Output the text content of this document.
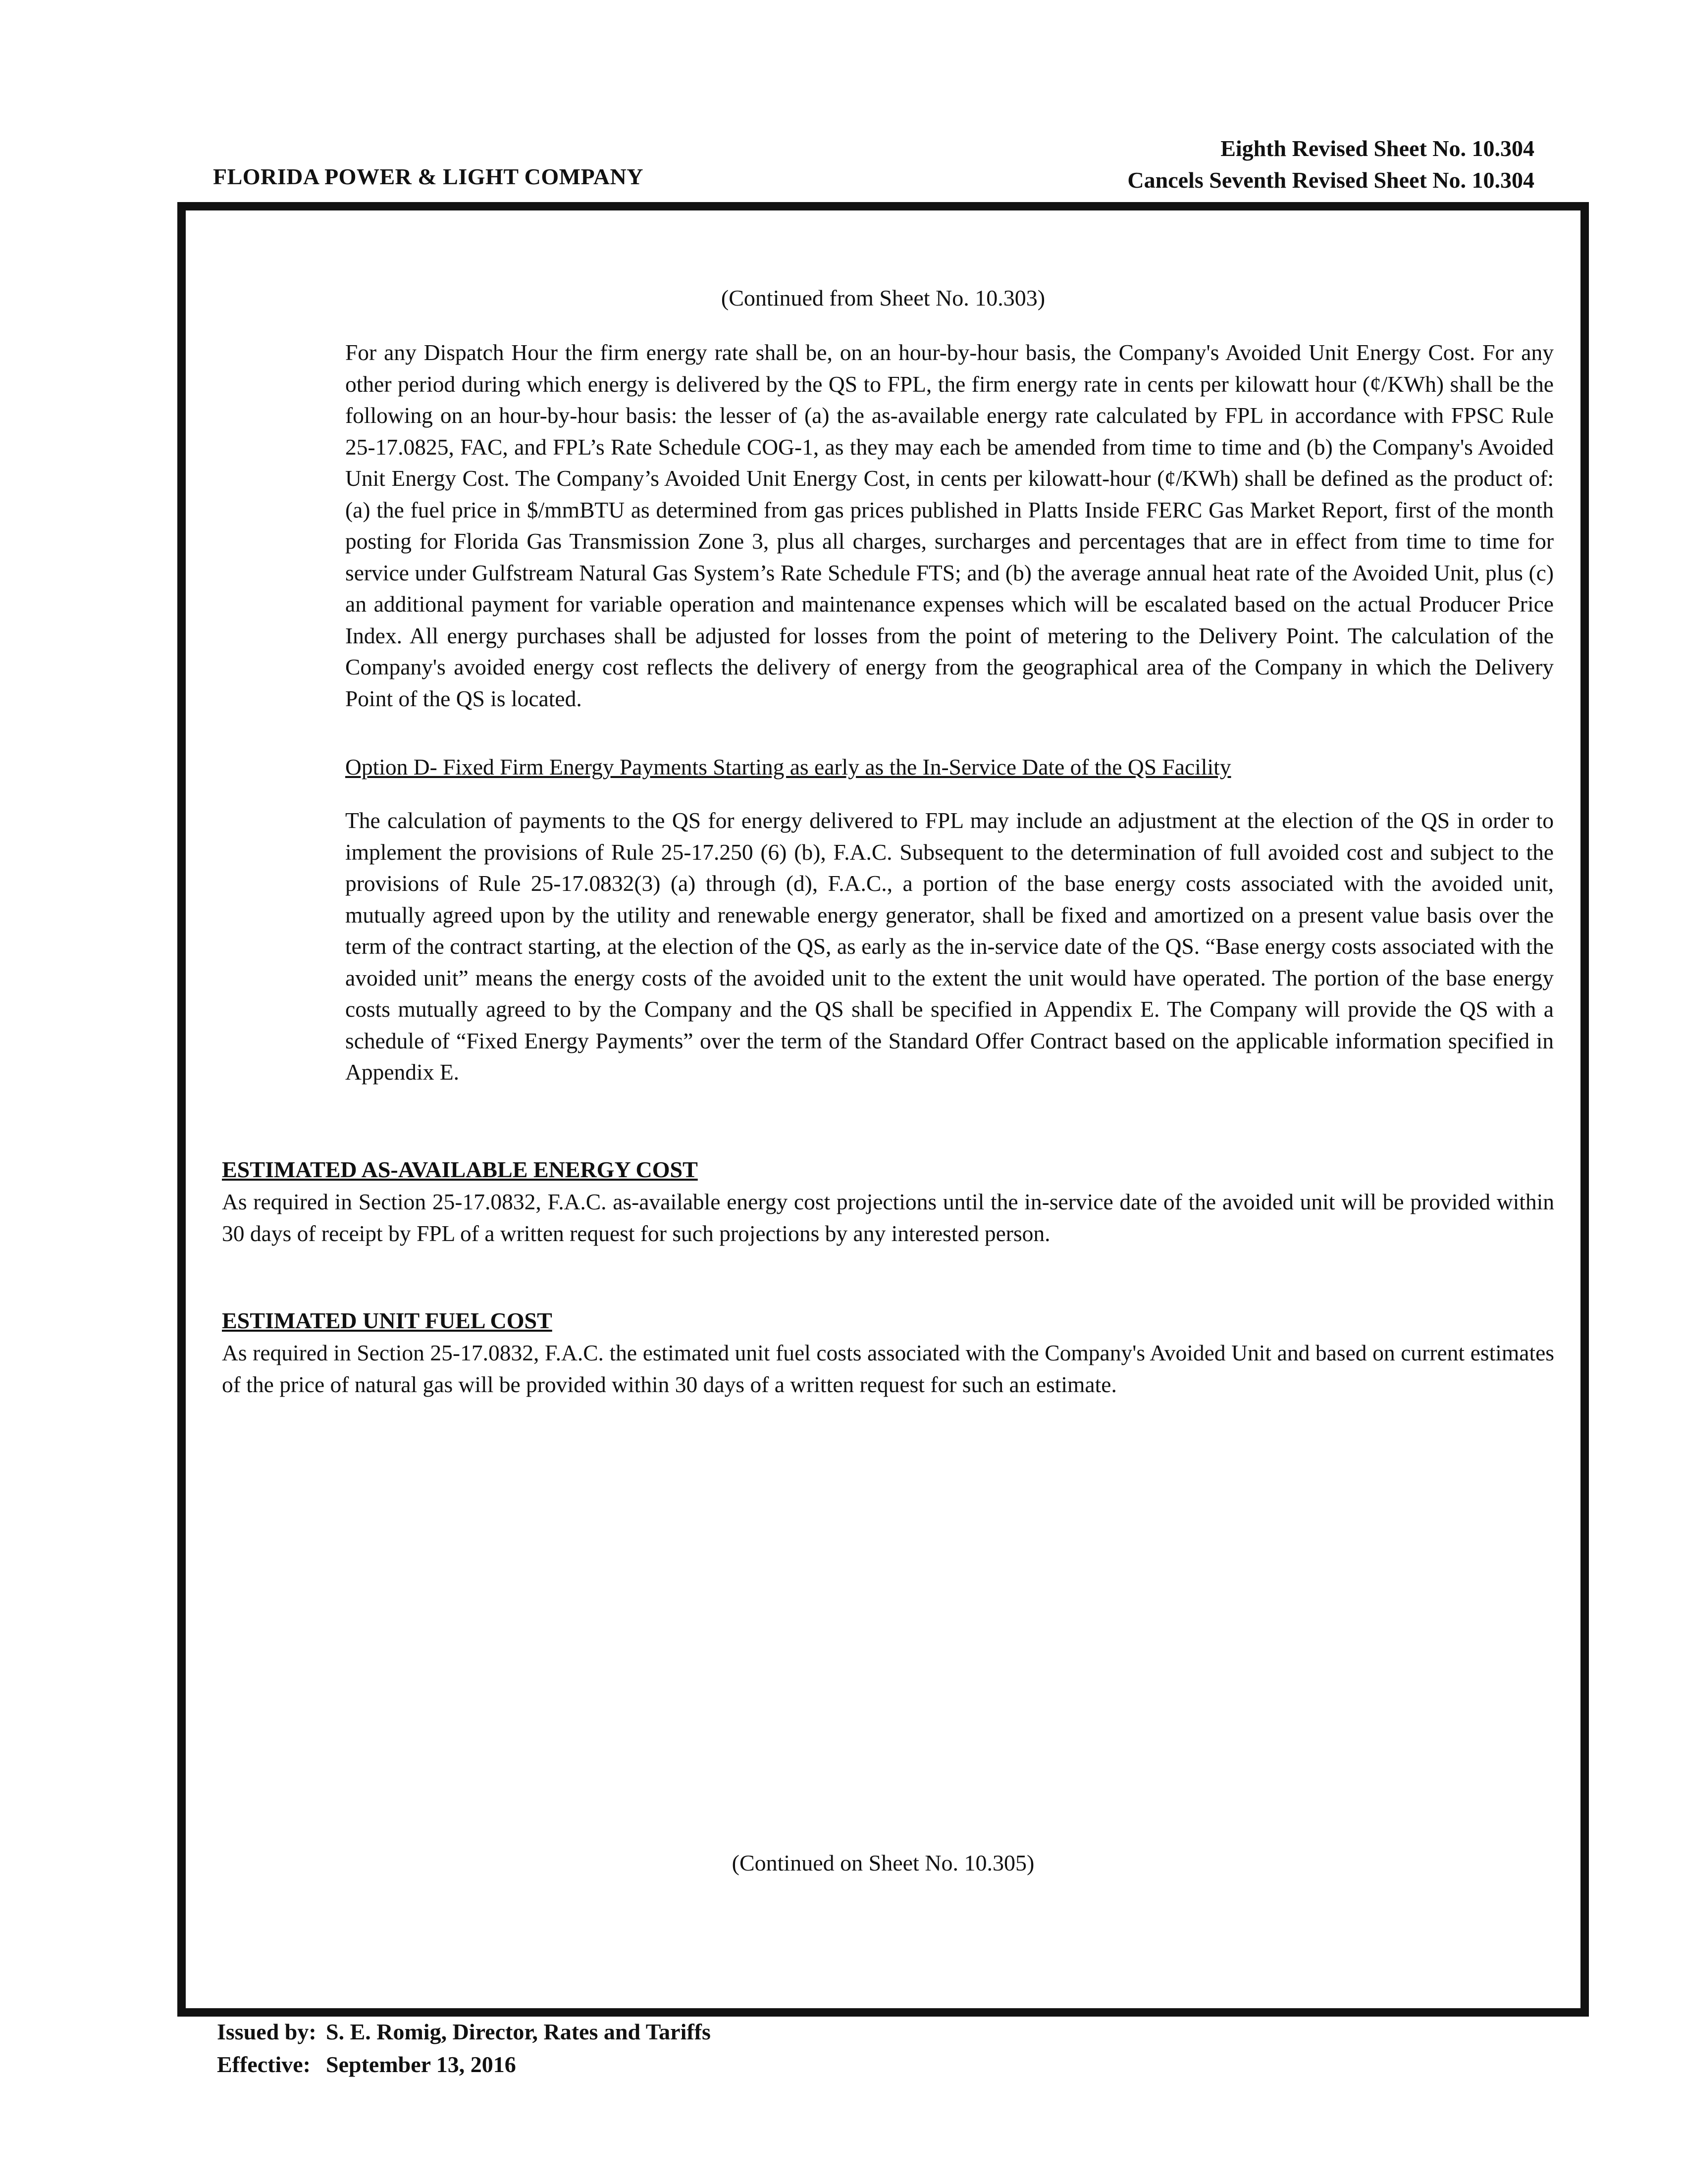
FLORIDA POWER & LIGHT COMPANY
Eighth Revised Sheet No. 10.304
Cancels Seventh Revised Sheet No. 10.304
(Continued from Sheet No. 10.303)

For any Dispatch Hour the firm energy rate shall be, on an hour-by-hour basis, the Company's Avoided Unit Energy Cost. For any other period during which energy is delivered by the QS to FPL, the firm energy rate in cents per kilowatt hour (¢/KWh) shall be the following on an hour-by-hour basis: the lesser of (a) the as-available energy rate calculated by FPL in accordance with FPSC Rule 25-17.0825, FAC, and FPL’s Rate Schedule COG-1, as they may each be amended from time to time and (b) the Company's Avoided Unit Energy Cost. The Company’s Avoided Unit Energy Cost, in cents per kilowatt-hour (¢/KWh) shall be defined as the product of: (a) the fuel price in $/mmBTU as determined from gas prices published in Platts Inside FERC Gas Market Report, first of the month posting for Florida Gas Transmission Zone 3, plus all charges, surcharges and percentages that are in effect from time to time for service under Gulfstream Natural Gas System’s Rate Schedule FTS; and (b) the average annual heat rate of the Avoided Unit, plus (c) an additional payment for variable operation and maintenance expenses which will be escalated based on the actual Producer Price Index. All energy purchases shall be adjusted for losses from the point of metering to the Delivery Point. The calculation of the Company's avoided energy cost reflects the delivery of energy from the geographical area of the Company in which the Delivery Point of the QS is located.

Option D- Fixed Firm Energy Payments Starting as early as the In-Service Date of the QS Facility

The calculation of payments to the QS for energy delivered to FPL may include an adjustment at the election of the QS in order to implement the provisions of Rule 25-17.250 (6) (b), F.A.C. Subsequent to the determination of full avoided cost and subject to the provisions of Rule 25-17.0832(3) (a) through (d), F.A.C., a portion of the base energy costs associated with the avoided unit, mutually agreed upon by the utility and renewable energy generator, shall be fixed and amortized on a present value basis over the term of the contract starting, at the election of the QS, as early as the in-service date of the QS. “Base energy costs associated with the avoided unit” means the energy costs of the avoided unit to the extent the unit would have operated. The portion of the base energy costs mutually agreed to by the Company and the QS shall be specified in Appendix E. The Company will provide the QS with a schedule of “Fixed Energy Payments” over the term of the Standard Offer Contract based on the applicable information specified in Appendix E.

ESTIMATED AS-AVAILABLE ENERGY COST

As required in Section 25-17.0832, F.A.C. as-available energy cost projections until the in-service date of the avoided unit will be provided within 30 days of receipt by FPL of a written request for such projections by any interested person.

ESTIMATED UNIT FUEL COST

As required in Section 25-17.0832, F.A.C. the estimated unit fuel costs associated with the Company's Avoided Unit and based on current estimates of the price of natural gas will be provided within 30 days of a written request for such an estimate.

(Continued on Sheet No. 10.305)
Issued by: S. E. Romig, Director, Rates and Tariffs
Effective: September 13, 2016
